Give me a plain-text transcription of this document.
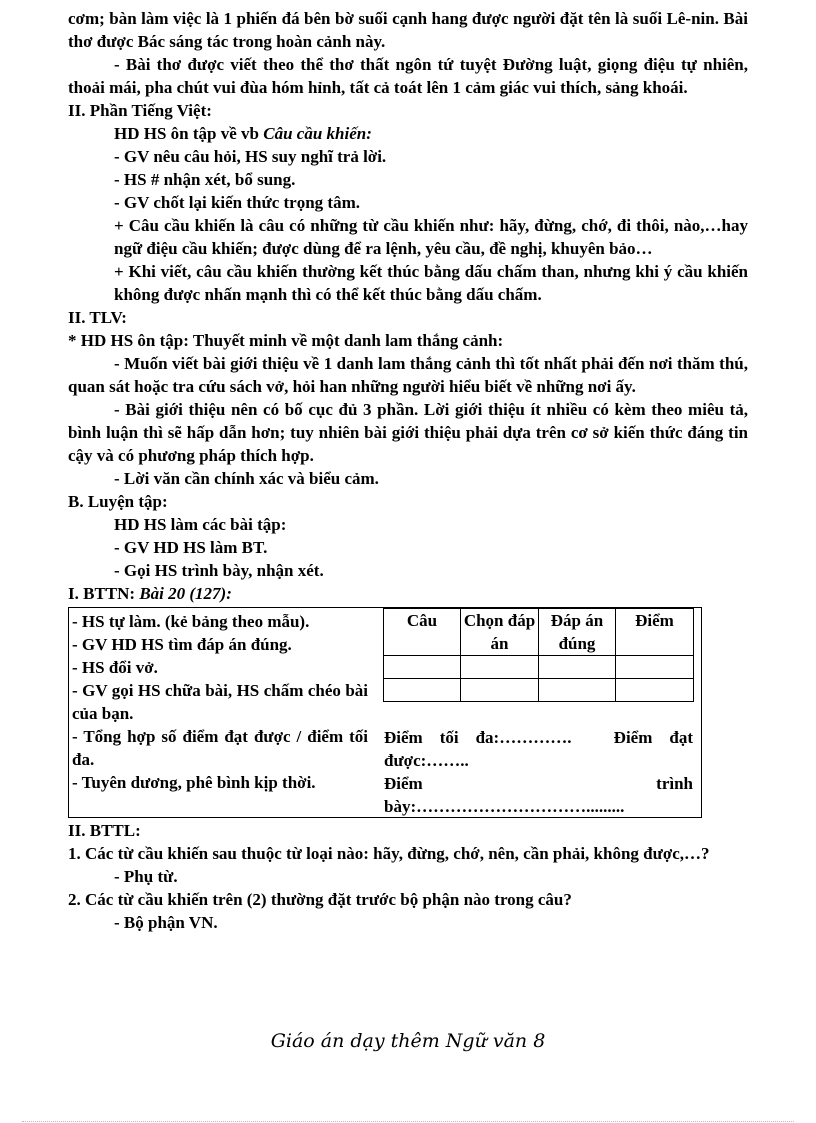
cơm; bàn làm việc là 1 phiến đá bên bờ suối cạnh hang được người đặt tên là suối Lê-nin. Bài thơ được Bác sáng tác trong hoàn cảnh này.

- Bài thơ được viết theo thể thơ thất ngôn tứ tuyệt Đường luật, giọng điệu tự nhiên, thoải mái, pha chút vui đùa hóm hỉnh, tất cả toát lên 1 cảm giác vui thích, sảng khoái.

II. Phần Tiếng Việt:

HD HS ôn tập về vb Câu cầu khiến:

- GV nêu câu hỏi, HS suy nghĩ trả lời.

- HS # nhận xét, bổ sung.

- GV chốt lại kiến thức trọng tâm.

+ Câu cầu khiến là câu có những từ cầu khiến như: hãy, đừng, chớ, đi thôi, nào,…hay ngữ điệu cầu khiến; được dùng để ra lệnh, yêu cầu, đề nghị, khuyên bảo…

+ Khi viết, câu cầu khiến thường kết thúc bằng dấu chấm than, nhưng khi ý cầu khiến không được nhấn mạnh thì có thể kết thúc bằng dấu chấm.

II. TLV:

* HD HS ôn tập: Thuyết minh về một danh lam thắng cảnh:

- Muốn viết bài giới thiệu về 1 danh lam thắng cảnh thì tốt nhất phải đến nơi thăm thú, quan sát hoặc tra cứu sách vở, hỏi han những người hiểu biết về những nơi ấy.

- Bài giới thiệu nên có bố cục đủ 3 phần. Lời giới thiệu ít nhiều có kèm theo miêu tả, bình luận thì sẽ hấp dẫn hơn; tuy nhiên bài giới thiệu phải dựa trên cơ sở kiến thức đáng tin cậy và có phương pháp thích hợp.

- Lời văn cần chính xác và biểu cảm.

B. Luyện tập:

HD HS làm các bài tập:

- GV HD HS làm BT.

- Gọi HS trình bày, nhận xét.

I. BTTN: Bài 20 (127):

- HS tự làm. (kẻ bảng theo mẫu).

- GV HD HS tìm đáp án đúng.

- HS đổi vở.

- GV gọi HS chữa bài, HS chấm chéo bài của bạn.

- Tổng hợp số điểm đạt được / điểm tối đa.

- Tuyên dương, phê bình kịp thời.

Câu	Chọn đáp án	Đáp án đúng	Điểm

Điểm    tối    đa:…………. Điểm    đạt

được:……..

Điểm	trình

bày:………………………….........

II. BTTL:

1. Các từ cầu khiến sau thuộc từ loại nào: hãy, đừng, chớ, nên, cần phải, không được,…?

- Phụ từ.

2. Các từ cầu khiến trên (2) thường đặt trước bộ phận nào trong câu?

- Bộ phận VN.

Giáo án dạy thêm Ngữ văn 8
